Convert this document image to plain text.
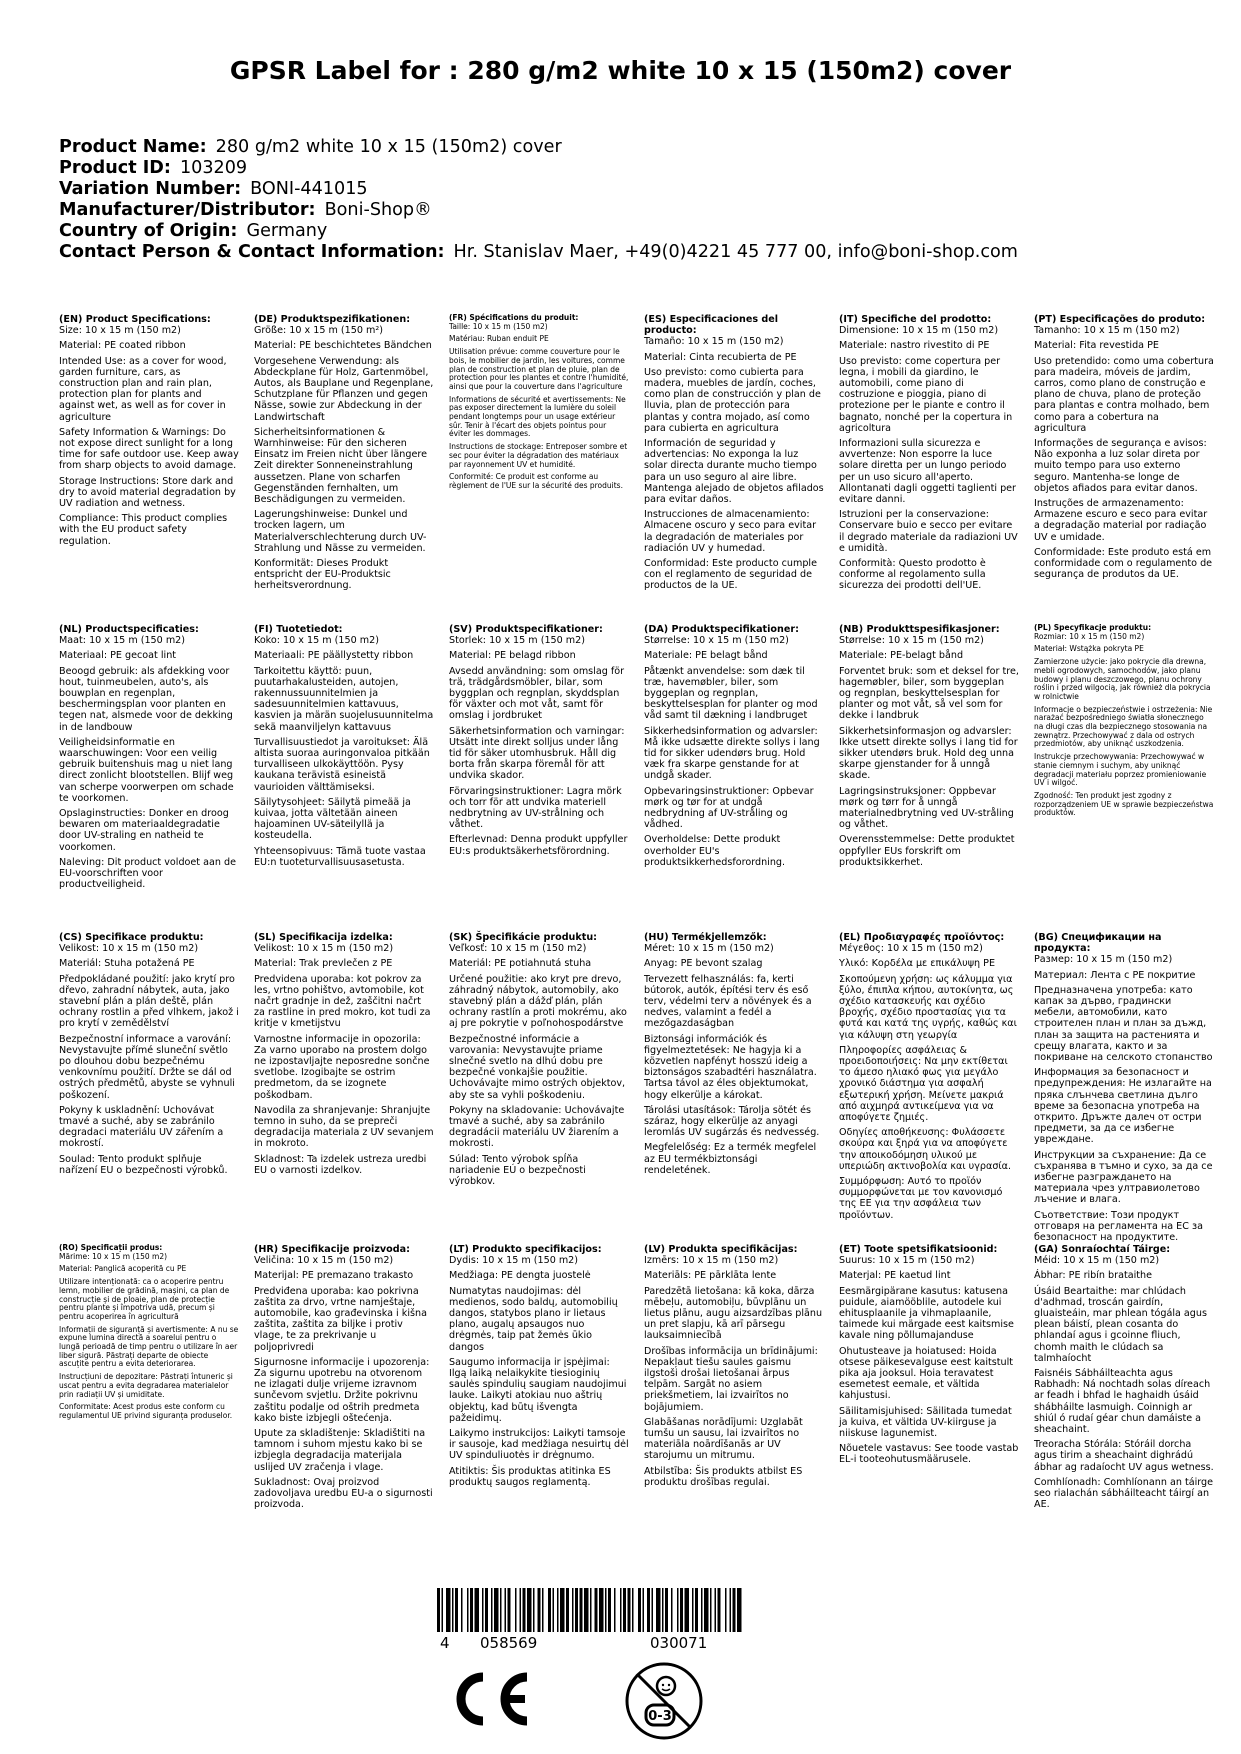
GPSR Label for : 280 g/m2 white 10 x 15 (150m2) cover
Product Name: 280 g/m2 white 10 x 15 (150m2) cover
Product ID: 103209
Variation Number: BONI-441015
Manufacturer/Distributor: Boni-Shop®
Country of Origin: Germany
Contact Person & Contact Information: Hr. Stanislav Maer, +49(0)4221 45 777 00, info@boni-shop.com
(EN) Product Specifications:

Size: 10 x 15 m (150 m2)

Material: PE coated ribbon

Intended Use: as a cover for wood, garden furniture, cars, as construction plan and rain plan, protection plan for plants and against wet, as well as for cover in agriculture

Safety Information & Warnings: Do not expose direct sunlight for a long time for safe outdoor use. Keep away from sharp objects to avoid damage.

Storage Instructions: Store dark and dry to avoid material degradation by UV radiation and wetness.

Compliance: This product complies with the EU product safety regulation.

(DE) Produktspezifikationen:

Größe: 10 x 15 m (150 m²)

Material: PE beschichtetes Bändchen

Vorgesehene Verwendung: als Abdeckplane für Holz, Gartenmöbel, Autos, als Bauplane und Regenplane, Schutzplane für Pflanzen und gegen Nässe, sowie zur Abdeckung in der Landwirtschaft

Sicherheitsinformationen & Warnhinweise: Für den sicheren Einsatz im Freien nicht über längere Zeit direkter Sonneneinstrahlung aussetzen. Plane von scharfen Gegenständen fernhalten, um Beschädigungen zu vermeiden.

Lagerungshinweise: Dunkel und trocken lagern, um Materialverschlechterung durch UV-Strahlung und Nässe zu vermeiden.

Konformität: Dieses Produkt entspricht der EU-Produktsic herheitsverordnung.

(FR) Spécifications du produit:

Taille: 10 x 15 m (150 m2)

Matériau: Ruban enduit PE

Utilisation prévue: comme couverture pour le bois, le mobilier de jardin, les voitures, comme plan de construction et plan de pluie, plan de protection pour les plantes et contre l'humidité, ainsi que pour la couverture dans l'agriculture

Informations de sécurité et avertissements: Ne pas exposer directement la lumière du soleil pendant longtemps pour un usage extérieur sûr. Tenir à l'écart des objets pointus pour éviter les dommages.

Instructions de stockage: Entreposer sombre et sec pour éviter la dégradation des matériaux par rayonnement UV et humidité.

Conformité: Ce produit est conforme au règlement de l'UE sur la sécurité des produits.

(ES) Especificaciones del producto:

Tamaño: 10 x 15 m (150 m2)

Material: Cinta recubierta de PE

Uso previsto: como cubierta para madera, muebles de jardín, coches, como plan de construcción y plan de lluvia, plan de protección para plantas y contra mojado, así como para cubierta en agricultura

Información de seguridad y advertencias: No exponga la luz solar directa durante mucho tiempo para un uso seguro al aire libre. Mantenga alejado de objetos afilados para evitar daños.

Instrucciones de almacenamiento: Almacene oscuro y seco para evitar la degradación de materiales por radiación UV y humedad.

Conformidad: Este producto cumple con el reglamento de seguridad de productos de la UE.

(IT) Specifiche del prodotto:

Dimensione: 10 x 15 m (150 m2)

Materiale: nastro rivestito di PE

Uso previsto: come copertura per legna, i mobili da giardino, le automobili, come piano di costruzione e pioggia, piano di protezione per le piante e contro il bagnato, nonché per la copertura in agricoltura

Informazioni sulla sicurezza e avvertenze: Non esporre la luce solare diretta per un lungo periodo per un uso sicuro all'aperto. Allontanati dagli oggetti taglienti per evitare danni.

Istruzioni per la conservazione: Conservare buio e secco per evitare il degrado materiale da radiazioni UV e umidità.

Conformità: Questo prodotto è conforme al regolamento sulla sicurezza dei prodotti dell'UE.

(PT) Especificações do produto:

Tamanho: 10 x 15 m (150 m2)

Material: Fita revestida PE

Uso pretendido: como uma cobertura para madeira, móveis de jardim, carros, como plano de construção e plano de chuva, plano de proteção para plantas e contra molhado, bem como para a cobertura na agricultura

Informações de segurança e avisos: Não exponha a luz solar direta por muito tempo para uso externo seguro. Mantenha-se longe de objetos afiados para evitar danos.

Instruções de armazenamento: Armazene escuro e seco para evitar a degradação material por radiação UV e umidade.

Conformidade: Este produto está em conformidade com o regulamento de segurança de produtos da UE.

(NL) Productspecificaties:

Maat: 10 x 15 m (150 m2)

Materiaal: PE gecoat lint

Beoogd gebruik: als afdekking voor hout, tuinmeubelen, auto's, als bouwplan en regenplan, beschermingsplan voor planten en tegen nat, alsmede voor de dekking in de landbouw

Veiligheidsinformatie en waarschuwingen: Voor een veilig gebruik buitenshuis mag u niet lang direct zonlicht blootstellen. Blijf weg van scherpe voorwerpen om schade te voorkomen.

Opslaginstructies: Donker en droog bewaren om materiaaldegradatie door UV-straling en natheid te voorkomen.

Naleving: Dit product voldoet aan de EU-voorschriften voor productveiligheid.

(FI) Tuotetiedot:

Koko: 10 x 15 m (150 m2)

Materiaali: PE päällystetty ribbon

Tarkoitettu käyttö: puun, puutarhakalusteiden, autojen, rakennussuunnitelmien ja sadesuunnitelmien kattavuus, kasvien ja märän suojelusuunnitelma sekä maanviljelyn kattavuus

Turvallisuustiedot ja varoitukset: Älä altista suoraa auringonvaloa pitkään turvalliseen ulkokäyttöön. Pysy kaukana terävistä esineistä vaurioiden välttämiseksi.

Säilytysohjeet: Säilytä pimeää ja kuivaa, jotta vältetään aineen hajoaminen UV-säteilyllä ja kosteudella.

Yhteensopivuus: Tämä tuote vastaa EU:n tuoteturvallisuusasetusta.

(SV) Produktspecifikationer:

Storlek: 10 x 15 m (150 m2)

Material: PE belagd ribbon

Avsedd användning: som omslag för trä, trädgårdsmöbler, bilar, som byggplan och regnplan, skyddsplan för växter och mot våt, samt för omslag i jordbruket

Säkerhetsinformation och varningar: Utsätt inte direkt solljus under lång tid för säker utomhusbruk. Håll dig borta från skarpa föremål för att undvika skador.

Förvaringsinstruktioner: Lagra mörk och torr för att undvika materiell nedbrytning av UV-strålning och våthet.

Efterlevnad: Denna produkt uppfyller EU:s produktsäkerhetsförordning.

(DA) Produktspecifikationer:

Størrelse: 10 x 15 m (150 m2)

Materiale: PE belagt bånd

Påtænkt anvendelse: som dæk til træ, havemøbler, biler, som byggeplan og regnplan, beskyttelsesplan for planter og mod våd samt til dækning i landbruget

Sikkerhedsinformation og advarsler: Må ikke udsætte direkte sollys i lang tid for sikker udendørs brug. Hold væk fra skarpe genstande for at undgå skader.

Opbevaringsinstruktioner: Opbevar mørk og tør for at undgå nedbrydning af UV-stråling og vådhed.

Overholdelse: Dette produkt overholder EU's produktsikkerhedsforordning.

(NB) Produkttspesifikasjoner:

Størrelse: 10 x 15 m (150 m2)

Materiale: PE-belagt bånd

Forventet bruk: som et deksel for tre, hagemøbler, biler, som byggeplan og regnplan, beskyttelsesplan for planter og mot våt, så vel som for dekke i landbruk

Sikkerhetsinformasjon og advarsler: Ikke utsett direkte sollys i lang tid for sikker utendørs bruk. Hold deg unna skarpe gjenstander for å unngå skade.

Lagringsinstruksjoner: Oppbevar mørk og tørr for å unngå materialnedbrytning ved UV-stråling og våthet.

Overensstemmelse: Dette produktet oppfyller EUs forskrift om produktsikkerhet.

(PL) Specyfikacje produktu:

Rozmiar: 10 x 15 m (150 m2)

Materiał: Wstążka pokryta PE

Zamierzone użycie: jako pokrycie dla drewna, mebli ogrodowych, samochodów, jako planu budowy i planu deszczowego, planu ochrony roślin i przed wilgocią, jak również dla pokrycia w rolnictwie

Informacje o bezpieczeństwie i ostrzeżenia: Nie narażać bezpośredniego światła słonecznego na długi czas dla bezpiecznego stosowania na zewnątrz. Przechowywać z dala od ostrych przedmiotów, aby uniknąć uszkodzenia.

Instrukcje przechowywania: Przechowywać w stanie ciemnym i suchym, aby uniknąć degradacji materiału poprzez promieniowanie UV i wilgoć.

Zgodność: Ten produkt jest zgodny z rozporządzeniem UE w sprawie bezpieczeństwa produktów.

(CS) Specifikace produktu:

Velikost: 10 x 15 m (150 m2)

Materiál: Stuha potažená PE

Předpokládané použití: jako krytí pro dřevo, zahradní nábytek, auta, jako stavební plán a plán deště, plán ochrany rostlin a před vlhkem, jakož i pro krytí v zemědělství

Bezpečnostní informace a varování: Nevystavujte přímé sluneční světlo po dlouhou dobu bezpečnému venkovnímu použití. Držte se dál od ostrých předmětů, abyste se vyhnuli poškození.

Pokyny k uskladnění: Uchovávat tmavé a suché, aby se zabránilo degradaci materiálu UV zářením a mokrostí.

Soulad: Tento produkt splňuje nařízení EU o bezpečnosti výrobků.

(SL) Specifikacija izdelka:

Velikost: 10 x 15 m (150 m2)

Material: Trak prevlečen z PE

Predvidena uporaba: kot pokrov za les, vrtno pohištvo, avtomobile, kot načrt gradnje in dež, zaščitni načrt za rastline in pred mokro, kot tudi za kritje v kmetijstvu

Varnostne informacije in opozorila: Za varno uporabo na prostem dolgo ne izpostavljajte neposredne sončne svetlobe. Izogibajte se ostrim predmetom, da se izognete poškodbam.

Navodila za shranjevanje: Shranjujte temno in suho, da se prepreči degradacija materiala z UV sevanjem in mokroto.

Skladnost: Ta izdelek ustreza uredbi EU o varnosti izdelkov.

(SK) Špecifikácie produktu:

Veľkosť: 10 x 15 m (150 m2)

Materiál: PE potiahnutá stuha

Určené použitie: ako kryt pre drevo, záhradný nábytok, automobily, ako stavebný plán a dážď plán, plán ochrany rastlín a proti mokrému, ako aj pre pokrytie v poľnohospodárstve

Bezpečnostné informácie a varovania: Nevystavujte priame slnečné svetlo na dlhú dobu pre bezpečné vonkajšie použitie. Uchovávajte mimo ostrých objektov, aby ste sa vyhli poškodeniu.

Pokyny na skladovanie: Uchovávajte tmavé a suché, aby sa zabránilo degradácii materiálu UV žiarením a mokrosti.

Súlad: Tento výrobok spĺňa nariadenie EÚ o bezpečnosti výrobkov.

(HU) Termékjellemzők:

Méret: 10 x 15 m (150 m2)

Anyag: PE bevont szalag

Tervezett felhasználás: fa, kerti bútorok, autók, építési terv és eső terv, védelmi terv a növények és a nedves, valamint a fedél a mezőgazdaságban

Biztonsági információk és figyelmeztetések: Ne hagyja ki a közvetlen napfényt hosszú ideig a biztonságos szabadtéri használatra. Tartsa távol az éles objektumokat, hogy elkerülje a károkat.

Tárolási utasítások: Tárolja sötét és száraz, hogy elkerülje az anyagi leromlás UV sugárzás és nedvesség.

Megfelelőség: Ez a termék megfelel az EU termékbiztonsági rendeletének.

(EL) Προδιαγραφές προϊόντος:

Μέγεθος: 10 x 15 m (150 m2)

Υλικό: Κορδέλα με επικάλυψη PE

Σκοπούμενη χρήση: ως κάλυμμα για ξύλο, έπιπλα κήπου, αυτοκίνητα, ως σχέδιο κατασκευής και σχέδιο βροχής, σχέδιο προστασίας για τα φυτά και κατά της υγρής, καθώς και για κάλυψη στη γεωργία

Πληροφορίες ασφάλειας & προειδοποιήσεις: Να μην εκτίθεται το άμεσο ηλιακό φως για μεγάλο χρονικό διάστημα για ασφαλή εξωτερική χρήση. Μείνετε μακριά από αιχμηρά αντικείμενα για να αποφύγετε ζημιές.

Οδηγίες αποθήκευσης: Φυλάσσετε σκούρα και ξηρά για να αποφύγετε την αποικοδόμηση υλικού με υπεριώδη ακτινοβολία και υγρασία.

Συμμόρφωση: Αυτό το προϊόν συμμορφώνεται με τον κανονισμό της ΕΕ για την ασφάλεια των προϊόντων.

(BG) Спецификации на продукта:

Размер: 10 x 15 m (150 m2)

Материал: Лента с PE покритие

Предназначена употреба: като капак за дърво, градински мебели, автомобили, като строителен план и план за дъжд, план за защита на растенията и срещу влагата, както и за покриване на селското стопанство

Информация за безопасност и предупреждения: Не излагайте на пряка слънчева светлина дълго време за безопасна употреба на открито. Дръжте далеч от остри предмети, за да се избегне увреждане.

Инструкции за съхранение: Да се съхранява в тъмно и сухо, за да се избегне разграждането на материала чрез ултравиолетово лъчение и влага.

Съответствие: Този продукт отговаря на регламента на ЕС за безопасност на продуктите.

(RO) Specificații produs:

Mărime: 10 x 15 m (150 m2)

Material: Panglică acoperită cu PE

Utilizare intenționată: ca o acoperire pentru lemn, mobilier de grădină, mașini, ca plan de construcție și de ploaie, plan de protecție pentru plante și împotriva udă, precum și pentru acoperirea în agricultură

Informații de siguranță și avertismente: A nu se expune lumina directă a soarelui pentru o lungă perioadă de timp pentru o utilizare în aer liber sigură. Păstrați departe de obiecte ascuțite pentru a evita deteriorarea.

Instrucțiuni de depozitare: Păstrați întuneric și uscat pentru a evita degradarea materialelor prin radiații UV și umiditate.

Conformitate: Acest produs este conform cu regulamentul UE privind siguranța produselor.

(HR) Specifikacije proizvoda:

Veličina: 10 x 15 m (150 m2)

Materijal: PE premazano trakasto

Predviđena uporaba: kao pokrivna zaštita za drvo, vrtne namještaje, automobile, kao građevinska i kišna zaštita, zaštita za biljke i protiv vlage, te za prekrivanje u poljoprivredi

Sigurnosne informacije i upozorenja: Za sigurnu upotrebu na otvorenom ne izlagati dulje vrijeme izravnom sunčevom svjetlu. Držite pokrivnu zaštitu podalje od oštrih predmeta kako biste izbjegli oštećenja.

Upute za skladištenje: Skladištiti na tamnom i suhom mjestu kako bi se izbjegla degradacija materijala uslijed UV zračenja i vlage.

Sukladnost: Ovaj proizvod zadovoljava uredbu EU-a o sigurnosti proizvoda.

(LT) Produkto specifikacijos:

Dydis: 10 x 15 m (150 m2)

Medžiaga: PE dengta juostelė

Numatytas naudojimas: dėl medienos, sodo baldų, automobilių dangos, statybos plano ir lietaus plano, augalų apsaugos nuo drėgmės, taip pat žemės ūkio dangos

Saugumo informacija ir įspėjimai: Ilgą laiką nelaikykite tiesioginių saulės spindulių saugiam naudojimui lauke. Laikyti atokiau nuo aštrių objektų, kad būtų išvengta pažeidimų.

Laikymo instrukcijos: Laikyti tamsoje ir sausoje, kad medžiaga nesuirtų dėl UV spinduliuotės ir drėgnumo.

Atitiktis: Šis produktas atitinka ES produktų saugos reglamentą.

(LV) Produkta specifikācijas:

Izmērs: 10 x 15 m (150 m2)

Materiāls: PE pārklāta lente

Paredzētā lietošana: kā koka, dārza mēbeļu, automobiļu, būvplānu un lietus plānu, augu aizsardzības plānu un pret slapju, kā arī pārsegu lauksaimniecībā

Drošības informācija un brīdinājumi: Nepakļaut tiešu saules gaismu ilgstoši drošai lietošanai ārpus telpām. Sargāt no asiem priekšmetiem, lai izvairītos no bojājumiem.

Glabāšanas norādījumi: Uzglabāt tumšu un sausu, lai izvairītos no materiāla noārdīšanās ar UV starojumu un mitrumu.

Atbilstība: Šis produkts atbilst ES produktu drošības regulai.

(ET) Toote spetsifikatsioonid:

Suurus: 10 x 15 m (150 m2)

Materjal: PE kaetud lint

Eesmärgipärane kasutus: katusena puidule, aiamööblile, autodele kui ehitusplaanile ja vihmaplaanile, taimede kui märgade eest kaitsmise kavale ning põllumajanduse

Ohutusteave ja hoiatused: Hoida otsese päikesevalguse eest kaitstult pika aja jooksul. Hoia teravatest esemetest eemale, et vältida kahjustusi.

Säilitamisjuhised: Säilitada tumedat ja kuiva, et vältida UV-kiirguse ja niiskuse lagunemist.

Nõuetele vastavus: See toode vastab EL-i tooteohutusmäärusele.

(GA) Sonraíochtaí Táirge:

Méid: 10 x 15 m (150 m2)

Ábhar: PE ribín brataithe

Úsáid Beartaithe: mar chlúdach d'adhmad, troscán gairdín, gluaisteáin, mar phlean tógála agus plean báistí, plean cosanta do phlandaí agus i gcoinne fliuch, chomh maith le clúdach sa talmhaíocht

Faisnéis Sábháilteachta agus Rabhadh: Ná nochtadh solas díreach ar feadh i bhfad le haghaidh úsáid shábháilte lasmuigh. Coinnigh ar shiúl ó rudaí géar chun damáiste a sheachaint.

Treoracha Stórála: Stóráil dorcha agus tirim a sheachaint dighrádú ábhar ag radaíocht UV agus wetness.

Comhlíonadh: Comhlíonann an táirge seo rialachán sábháilteacht táirgí an AE.

4 058569	030071
0-3
